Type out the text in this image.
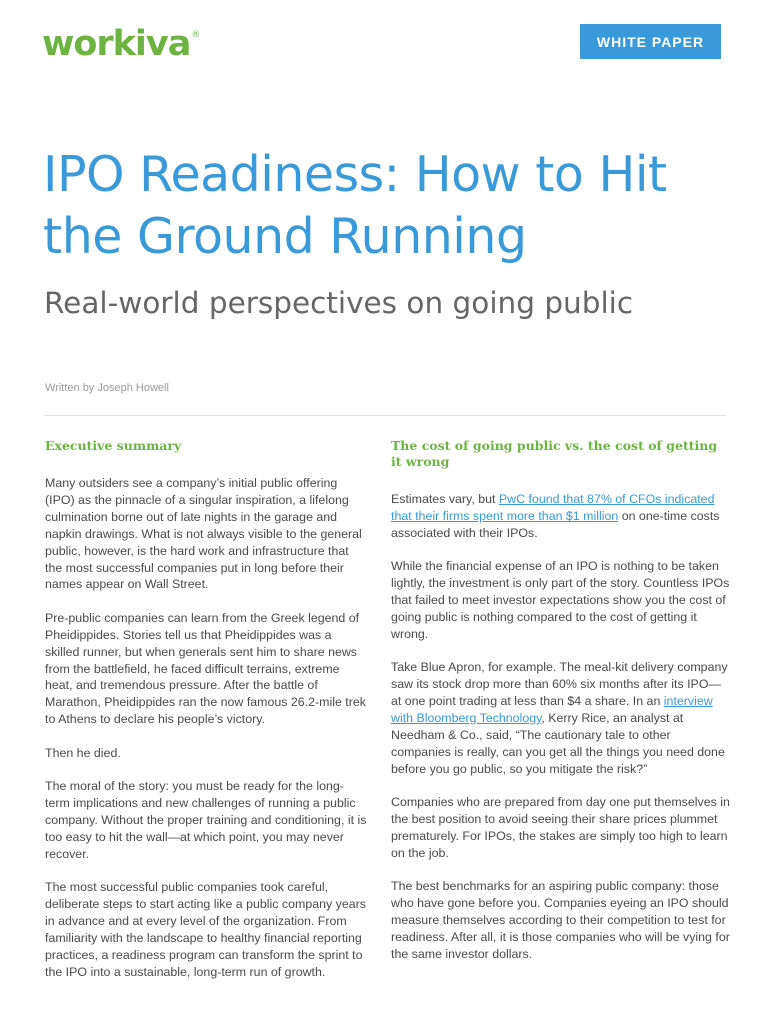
workiva®	WHITE PAPER
IPO Readiness: How to Hit the Ground Running
Real-world perspectives on going public
Written by Joseph Howell
Executive summary

Many outsiders see a company’s initial public offering (IPO) as the pinnacle of a singular inspiration, a lifelong culmination borne out of late nights in the garage and napkin drawings. What is not always visible to the general public, however, is the hard work and infrastructure that the most successful companies put in long before their names appear on Wall Street.

Pre-public companies can learn from the Greek legend of Pheidippides. Stories tell us that Pheidippides was a skilled runner, but when generals sent him to share news from the battlefield, he faced difficult terrains, extreme heat, and tremendous pressure. After the battle of Marathon, Pheidippides ran the now famous 26.2-mile trek to Athens to declare his people’s victory.

Then he died.

The moral of the story: you must be ready for the long-term implications and new challenges of running a public company. Without the proper training and conditioning, it is too easy to hit the wall—at which point, you may never recover.

The most successful public companies took careful, deliberate steps to start acting like a public company years in advance and at every level of the organization. From familiarity with the landscape to healthy financial reporting practices, a readiness program can transform the sprint to the IPO into a sustainable, long-term run of growth.

The cost of going public vs. the cost of getting it wrong

Estimates vary, but PwC found that 87% of CFOs indicated that their firms spent more than $1 million on one-time costs associated with their IPOs.

While the financial expense of an IPO is nothing to be taken lightly, the investment is only part of the story. Countless IPOs that failed to meet investor expectations show you the cost of going public is nothing compared to the cost of getting it wrong.

Take Blue Apron, for example. The meal-kit delivery company saw its stock drop more than 60% six months after its IPO—at one point trading at less than $4 a share. In an interview with Bloomberg Technology, Kerry Rice, an analyst at Needham & Co., said, “The cautionary tale to other companies is really, can you get all the things you need done before you go public, so you mitigate the risk?”

Companies who are prepared from day one put themselves in the best position to avoid seeing their share prices plummet prematurely. For IPOs, the stakes are simply too high to learn on the job.

The best benchmarks for an aspiring public company: those who have gone before you. Companies eyeing an IPO should measure themselves according to their competition to test for readiness. After all, it is those companies who will be vying for the same investor dollars.
